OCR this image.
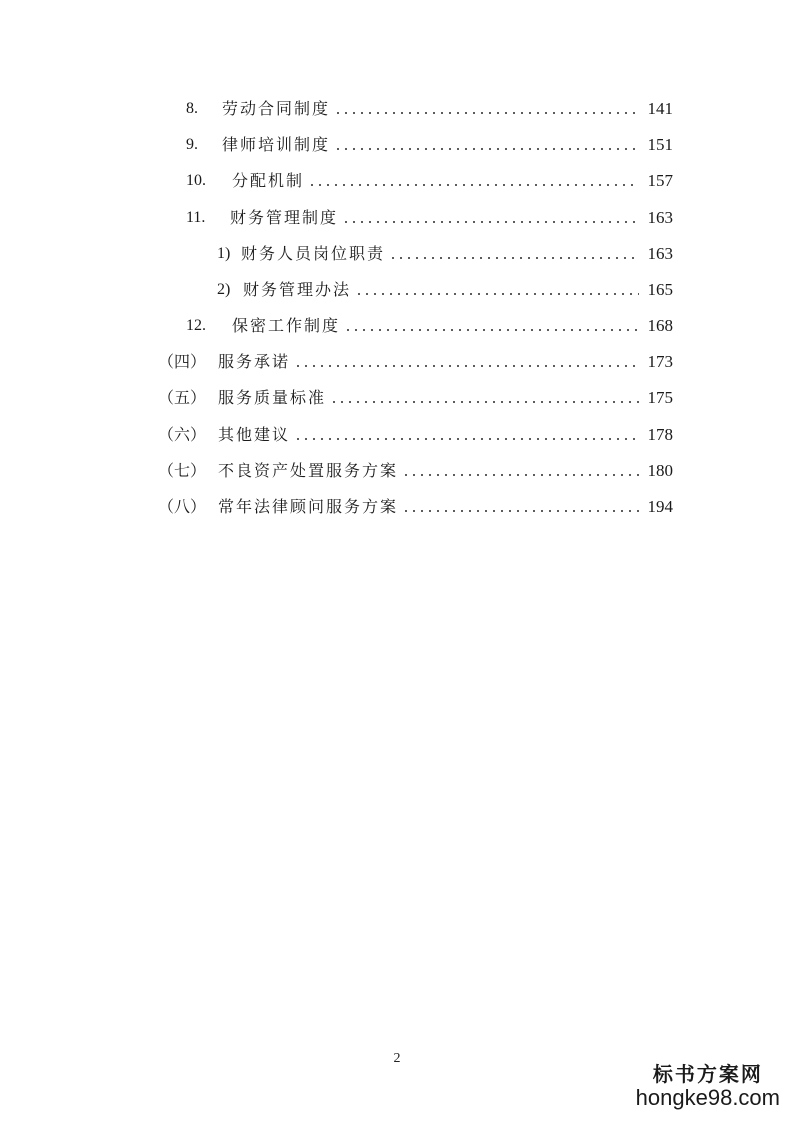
8.	劳动合同制度	141
9.	律师培训制度	151
10.	分配机制	157
11.	财务管理制度	163
1) 财务人员岗位职责	163
2) 财务管理办法	165
12.	保密工作制度	168
（四） 服务承诺	173
（五） 服务质量标准	175
（六） 其他建议	178
（七） 不良资产处置服务方案	180
（八） 常年法律顾问服务方案	194
2
标书方案网
hongke98.com
